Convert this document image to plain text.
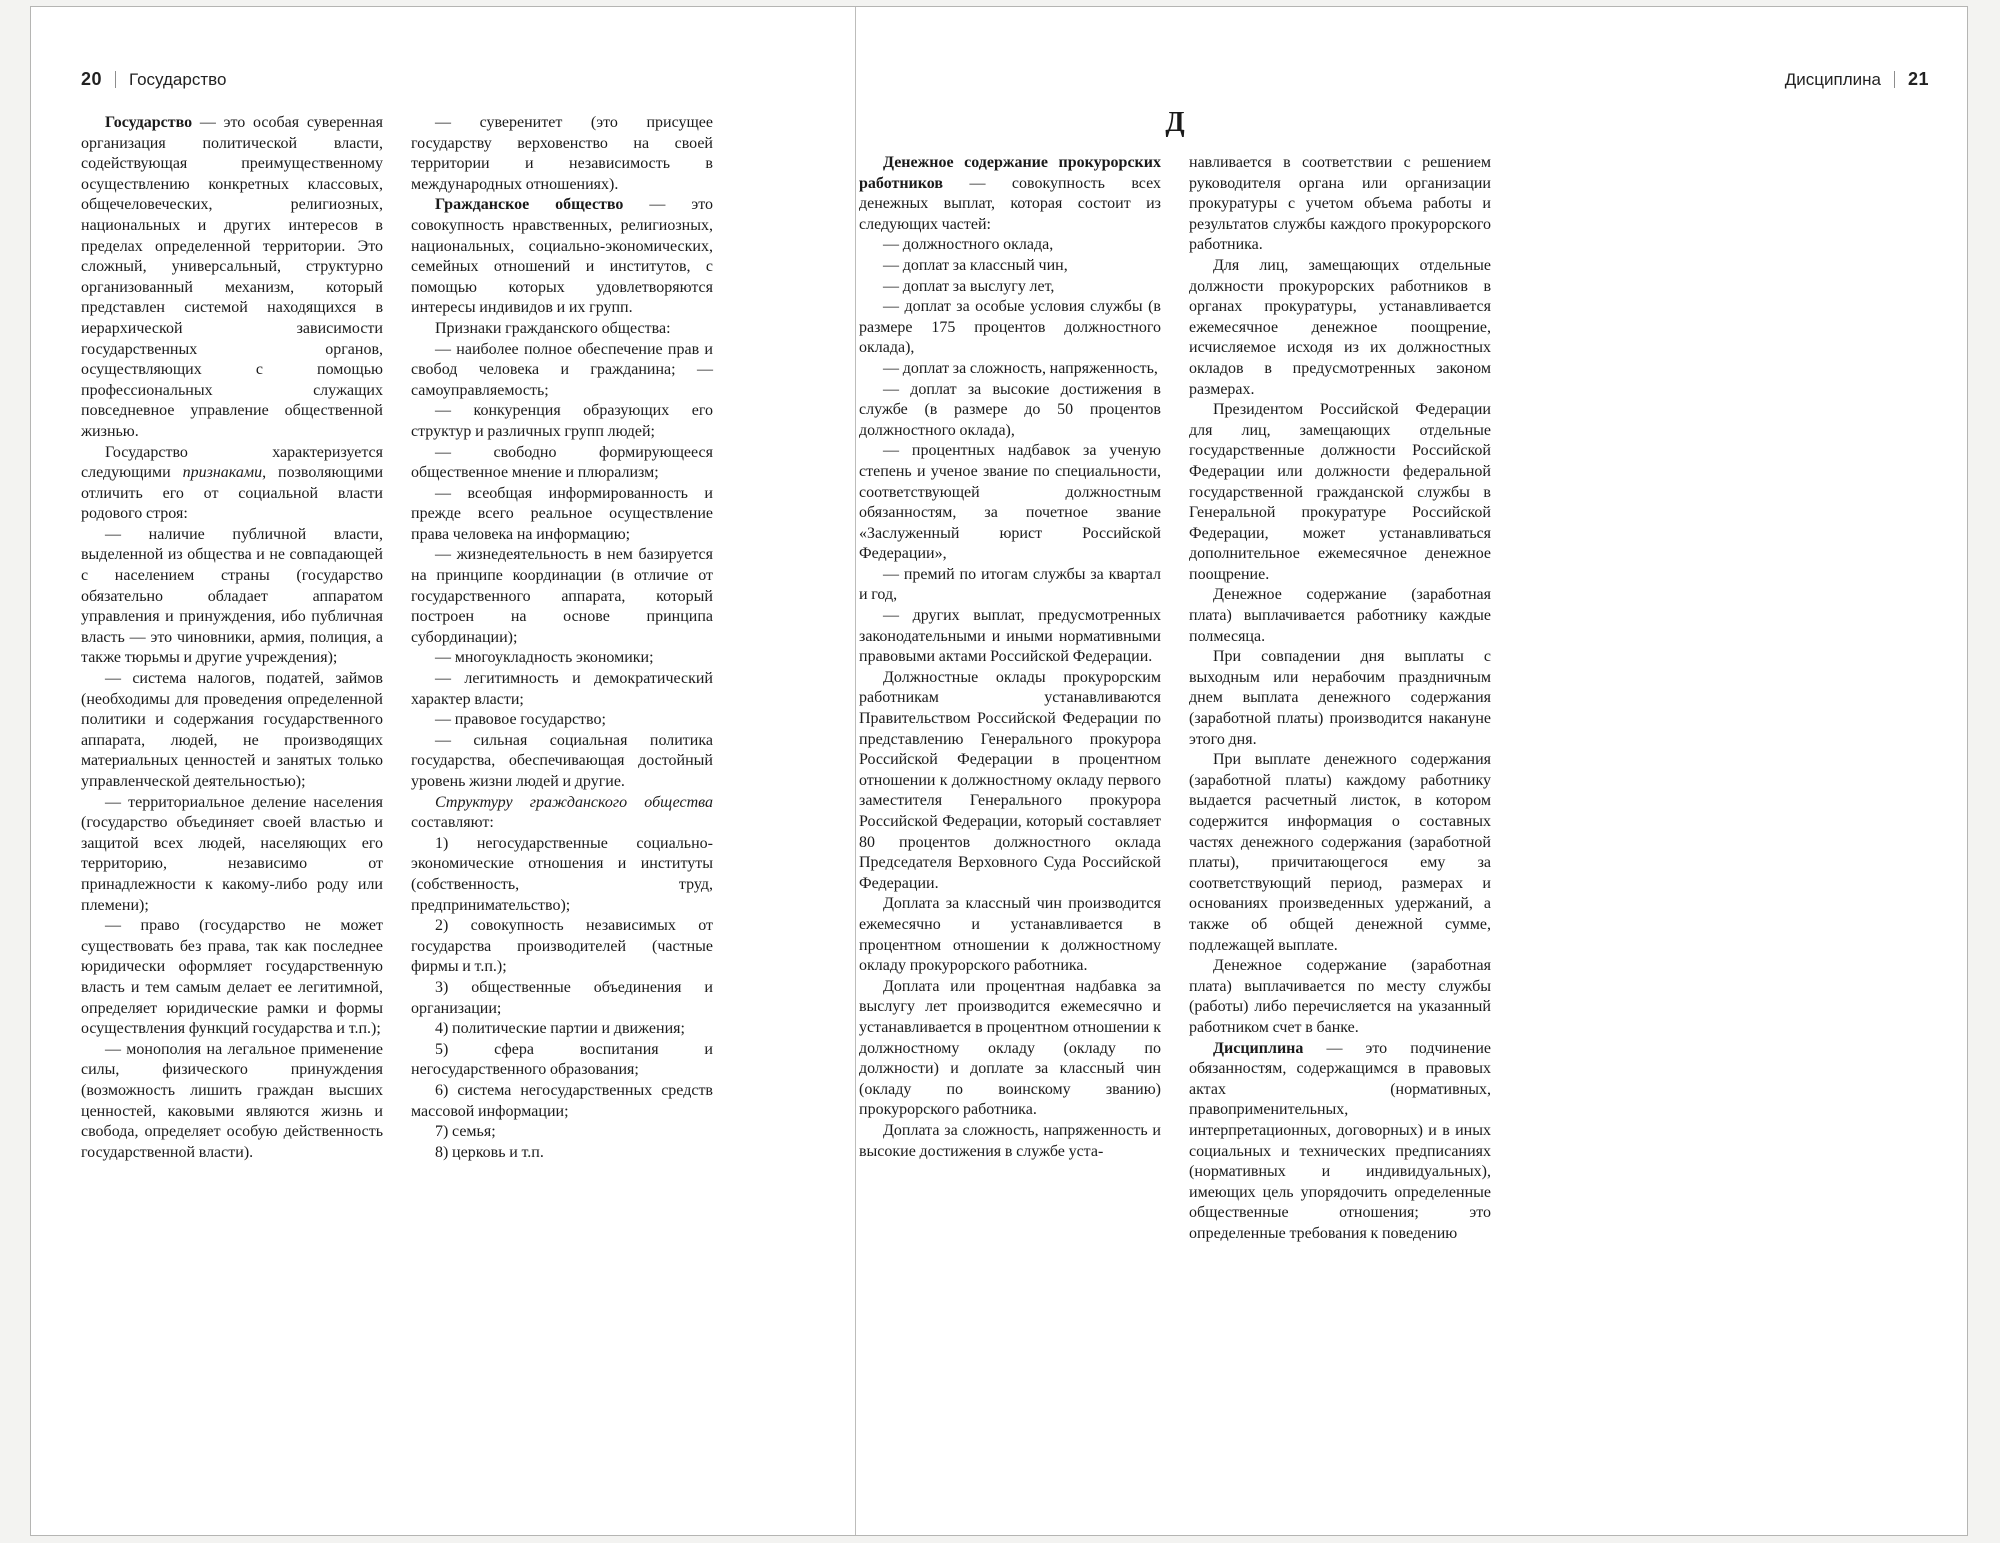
20 Государство

Государство — это особая суверенная организация политической власти, содействующая преимущественному осуществлению конкретных классовых, общечеловеческих, религиозных, национальных и других интересов в пределах определенной территории. Это сложный, универсальный, структурно организованный механизм, который представлен системой находящихся в иерархической зависимости государственных органов, осуществляющих с помощью профессиональных служащих повседневное управление общественной жизнью.

Государство характеризуется следующими признаками, позволяющими отличить его от социальной власти родового строя:

— наличие публичной власти, выделенной из общества и не совпадающей с населением страны (государство обязательно обладает аппаратом управления и принуждения, ибо публичная власть — это чиновники, армия, полиция, а также тюрьмы и другие учреждения);

— система налогов, податей, займов (необходимы для проведения определенной политики и содержания государственного аппарата, людей, не производящих материальных ценностей и занятых только управленческой деятельностью);

— территориальное деление населения (государство объединяет своей властью и защитой всех людей, населяющих его территорию, независимо от принадлежности к какому-либо роду или племени);

— право (государство не может существовать без права, так как последнее юридически оформляет государственную власть и тем самым делает ее легитимной, определяет юридические рамки и формы осуществления функций государства и т.п.);

— монополия на легальное применение силы, физического принуждения (возможность лишить граждан высших ценностей, каковыми являются жизнь и свобода, определяет особую действенность государственной власти).

— суверенитет (это присущее государству верховенство на своей территории и независимость в международных отношениях).

Гражданское общество — это совокупность нравственных, религиозных, национальных, социально-экономических, семейных отношений и институтов, с помощью которых удовлетворяются интересы индивидов и их групп.

Признаки гражданского общества:

— наиболее полное обеспечение прав и свобод человека и гражданина; — самоуправляемость;

— конкуренция образующих его структур и различных групп людей;

— свободно формирующееся общественное мнение и плюрализм;

— всеобщая информированность и прежде всего реальное осуществление права человека на информацию;

— жизнедеятельность в нем базируется на принципе координации (в отличие от государственного аппарата, который построен на основе принципа субординации);

— многоукладность экономики;

— легитимность и демократический характер власти;

— правовое государство;

— сильная социальная политика государства, обеспечивающая достойный уровень жизни людей и другие.

Структуру гражданского общества составляют:

1) негосударственные социально-экономические отношения и институты (собственность, труд, предпринимательство);

2) совокупность независимых от государства производителей (частные фирмы и т.п.);

3) общественные объединения и организации;

4) политические партии и движения;

5) сфера воспитания и негосударственного образования;

6) система негосударственных средств массовой информации;

7) семья;

8) церковь и т.п.

Дисциплина 21
Д

Денежное содержание прокурорских работников — совокупность всех денежных выплат, которая состоит из следующих частей:

— должностного оклада,

— доплат за классный чин,

— доплат за выслугу лет,

— доплат за особые условия службы (в размере 175 процентов должностного оклада),

— доплат за сложность, напряженность,

— доплат за высокие достижения в службе (в размере до 50 процентов должностного оклада),

— процентных надбавок за ученую степень и ученое звание по специальности, соответствующей должностным обязанностям, за почетное звание «Заслуженный юрист Российской Федерации»,

— премий по итогам службы за квартал и год,

— других выплат, предусмотренных законодательными и иными нормативными правовыми актами Российской Федерации.

Должностные оклады прокурорским работникам устанавливаются Правительством Российской Федерации по представлению Генерального прокурора Российской Федерации в процентном отношении к должностному окладу первого заместителя Генерального прокурора Российской Федерации, который составляет 80 процентов должностного оклада Председателя Верховного Суда Российской Федерации.

Доплата за классный чин производится ежемесячно и устанавливается в процентном отношении к должностному окладу прокурорского работника.

Доплата или процентная надбавка за выслугу лет производится ежемесячно и устанавливается в процентном отношении к должностному окладу (окладу по должности) и доплате за классный чин (окладу по воинскому званию) прокурорского работника.

Доплата за сложность, напряженность и высокие достижения в службе уста-

навливается в соответствии с решением руководителя органа или организации прокуратуры с учетом объема работы и результатов службы каждого прокурорского работника.

Для лиц, замещающих отдельные должности прокурорских работников в органах прокуратуры, устанавливается ежемесячное денежное поощрение, исчисляемое исходя из их должностных окладов в предусмотренных законом размерах.

Президентом Российской Федерации для лиц, замещающих отдельные государственные должности Российской Федерации или должности федеральной государственной гражданской службы в Генеральной прокуратуре Российской Федерации, может устанавливаться дополнительное ежемесячное денежное поощрение.

Денежное содержание (заработная плата) выплачивается работнику каждые полмесяца.

При совпадении дня выплаты с выходным или нерабочим праздничным днем выплата денежного содержания (заработной платы) производится накануне этого дня.

При выплате денежного содержания (заработной платы) каждому работнику выдается расчетный листок, в котором содержится информация о составных частях денежного содержания (заработной платы), причитающегося ему за соответствующий период, размерах и основаниях произведенных удержаний, а также об общей денежной сумме, подлежащей выплате.

Денежное содержание (заработная плата) выплачивается по месту службы (работы) либо перечисляется на указанный работником счет в банке.

Дисциплина — это подчинение обязанностям, содержащимся в правовых актах (нормативных, правоприменительных, интерпретационных, договорных) и в иных социальных и технических предписаниях (нормативных и индивидуальных), имеющих цель упорядочить определенные общественные отношения; это определенные требования к поведению
